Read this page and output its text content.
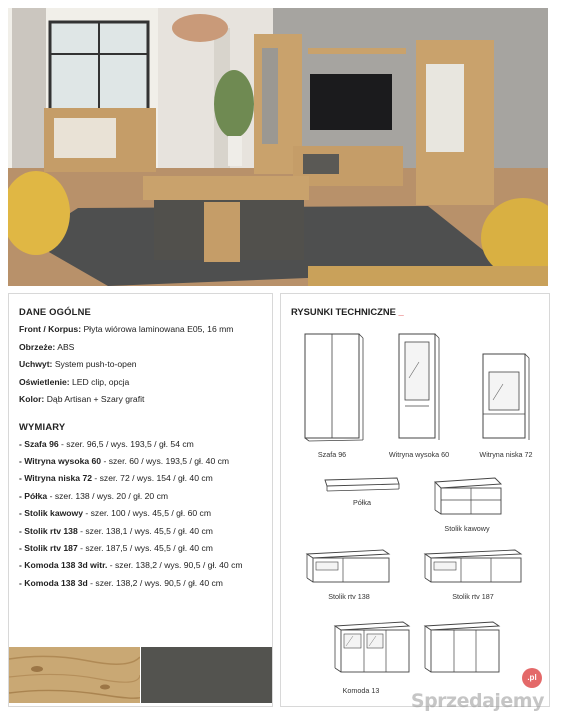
DANE OGÓLNE
Front / Korpus: Płyta wiórowa laminowana E05, 16 mm
Obrzeże: ABS
Uchwyt: System push-to-open
Oświetlenie: LED clip, opcja
Kolor: Dąb Artisan + Szary grafit
WYMIARY
- Szafa 96 - szer. 96,5 / wys. 193,5 / gł. 54 cm
- Witryna wysoka 60 - szer. 60 / wys. 193,5 / gł. 40 cm
- Witryna niska 72 - szer. 72 / wys. 154 / gł. 40 cm
- Półka - szer. 138 / wys. 20 / gł. 20 cm
- Stolik kawowy - szer. 100 / wys. 45,5 / gł. 60 cm
- Stolik rtv 138 - szer. 138,1 / wys. 45,5 / gł. 40 cm
- Stolik rtv 187 - szer. 187,5 / wys. 45,5 / gł. 40 cm
- Komoda 138 3d witr. - szer. 138,2 / wys. 90,5 / gł. 40 cm
- Komoda 138 3d - szer. 138,2 / wys. 90,5 / gł. 40 cm
RYSUNKI TECHNICZNE _
Szafa 96	Witryna wysoka 60	Witryna niska 72
Półka
Stolik kawowy
Stolik rtv 138	Stolik rtv 187
Komoda 13
.pl
Sprzedajemy
